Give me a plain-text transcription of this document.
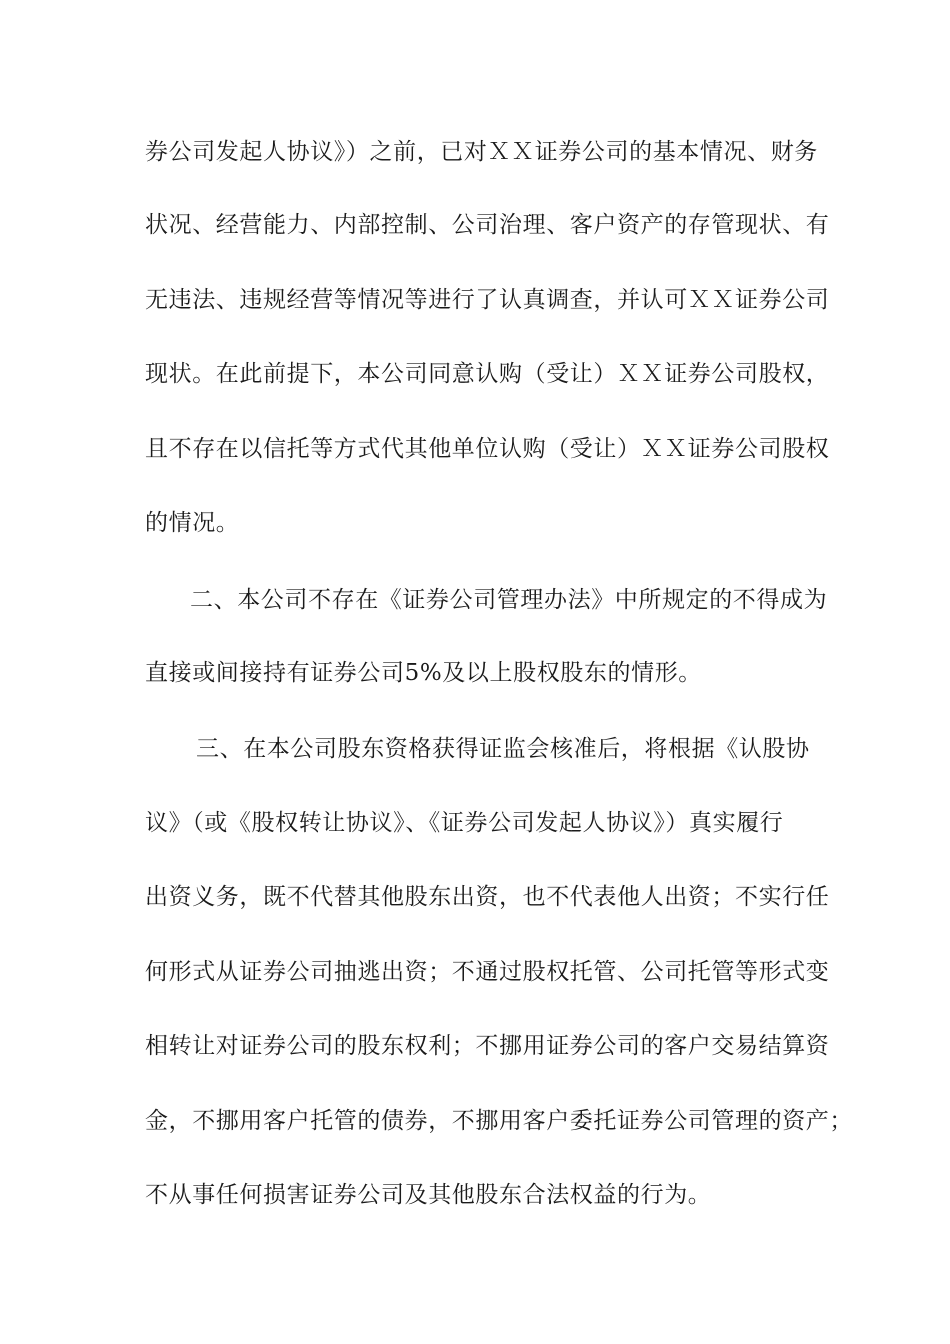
券公司发起人协议》）之前，已对ＸＸ证券公司的基本情况、财务
状况、经营能力、内部控制、公司治理、客户资产的存管现状、有
无违法、违规经营等情况等进行了认真调查，并认可ＸＸ证券公司
现状。在此前提下，本公司同意认购（受让）ＸＸ证券公司股权，
且不存在以信托等方式代其他单位认购（受让）ＸＸ证券公司股权
的情况。
二、本公司不存在《证券公司管理办法》中所规定的不得成为
直接或间接持有证券公司5%及以上股权股东的情形。
三、在本公司股东资格获得证监会核准后，将根据《认股协
议》（或《股权转让协议》、《证券公司发起人协议》）真实履行
出资义务，既不代替其他股东出资，也不代表他人出资；不实行任
何形式从证券公司抽逃出资；不通过股权托管、公司托管等形式变
相转让对证券公司的股东权利；不挪用证券公司的客户交易结算资
金，不挪用客户托管的债券，不挪用客户委托证券公司管理的资产；
不从事任何损害证券公司及其他股东合法权益的行为。
